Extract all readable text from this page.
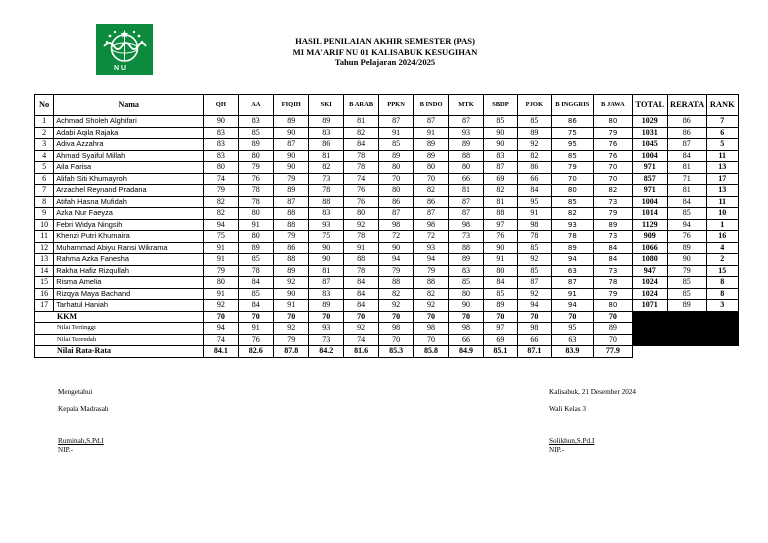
N U
HASIL PENILAIAN AKHIR SEMESTER (PAS)
MI MA'ARIF NU 01 KALISABUK KESUGIHAN
Tahun Pelajaran 2024/2025
No	Nama	QH	AA	FIQIH	SKI	B ARAB	PPKN	B INDO	MTK	SBDP	PJOK	B INGGRIS	B JAWA	TOTAL	RERATA	RANK
1	Achmad Sholeh Alghifari	90	83	89	89	81	87	87	87	85	85	86	80	1029	86	7
2	Adabi Aqila Rajaka	83	85	90	83	82	91	91	93	90	89	75	79	1031	86	6
3	Adiva Azzahra	83	89	87	86	84	85	89	89	90	92	95	76	1045	87	5
4	Ahmad Syaiful Millah	83	80	90	81	78	89	89	88	83	82	85	76	1004	84	11
5	Aila Farisa	80	79	90	82	78	80	80	80	87	86	79	70	971	81	13
6	Alifah Siti Khumayroh	74	76	79	73	74	70	70	66	69	66	70	70	857	71	17
7	Arzachel Reynand Pradana	79	78	89	78	76	80	82	81	82	84	80	82	971	81	13
8	Atifah Hasna Mufidah	82	78	87	88	76	86	86	87	81	95	85	73	1004	84	11
9	Azka Nur Faeyza	82	80	88	83	80	87	87	87	88	91	82	79	1014	85	10
10	Febri Widya Ningsih	94	91	88	93	92	98	98	98	97	98	93	89	1129	94	1
11	Khenzi Putri Khumaira	75	80	79	75	78	72	72	73	76	78	78	73	909	76	16
12	Muhammad Abiyu Ransi Wikrama	91	89	86	90	91	90	93	88	90	85	89	84	1066	89	4
13	Rahma Azka Fanesha	91	85	88	90	88	94	94	89	91	92	94	84	1080	90	2
14	Rakha Hafiz Rizqullah	79	78	89	81	78	79	79	83	80	85	63	73	947	79	15
15	Risma Amelia	80	84	92	87	84	88	88	85	84	87	87	78	1024	85	8
16	Rizqya Maya Bachand	91	85	90	83	84	82	82	80	85	92	91	79	1024	85	8
17	Tarhatul Haniah	92	84	91	89	84	92	92	90	89	94	94	80	1071	89	3
KKM		70	70	70	70	70	70	70	70	70	70	70	70			
Nilai Tertinggi		94	91	92	93	92	98	98	98	97	98	95	89			
Nilai Terendah		74	76	79	73	74	70	70	66	69	66	63	70			
Nilai Rata-Rata		84.1	82.6	87.8	84.2	81.6	85.3	85.8	84.9	85.1	87.1	83.9	77.9			
Mengetahui
Kepala Madrasah
Ruminah,S.Pd.I
NIP.-
Kalisabuk, 21 Desember 2024
Wali Kelas 3
Solikhun,S.Pd.I
NIP.-
